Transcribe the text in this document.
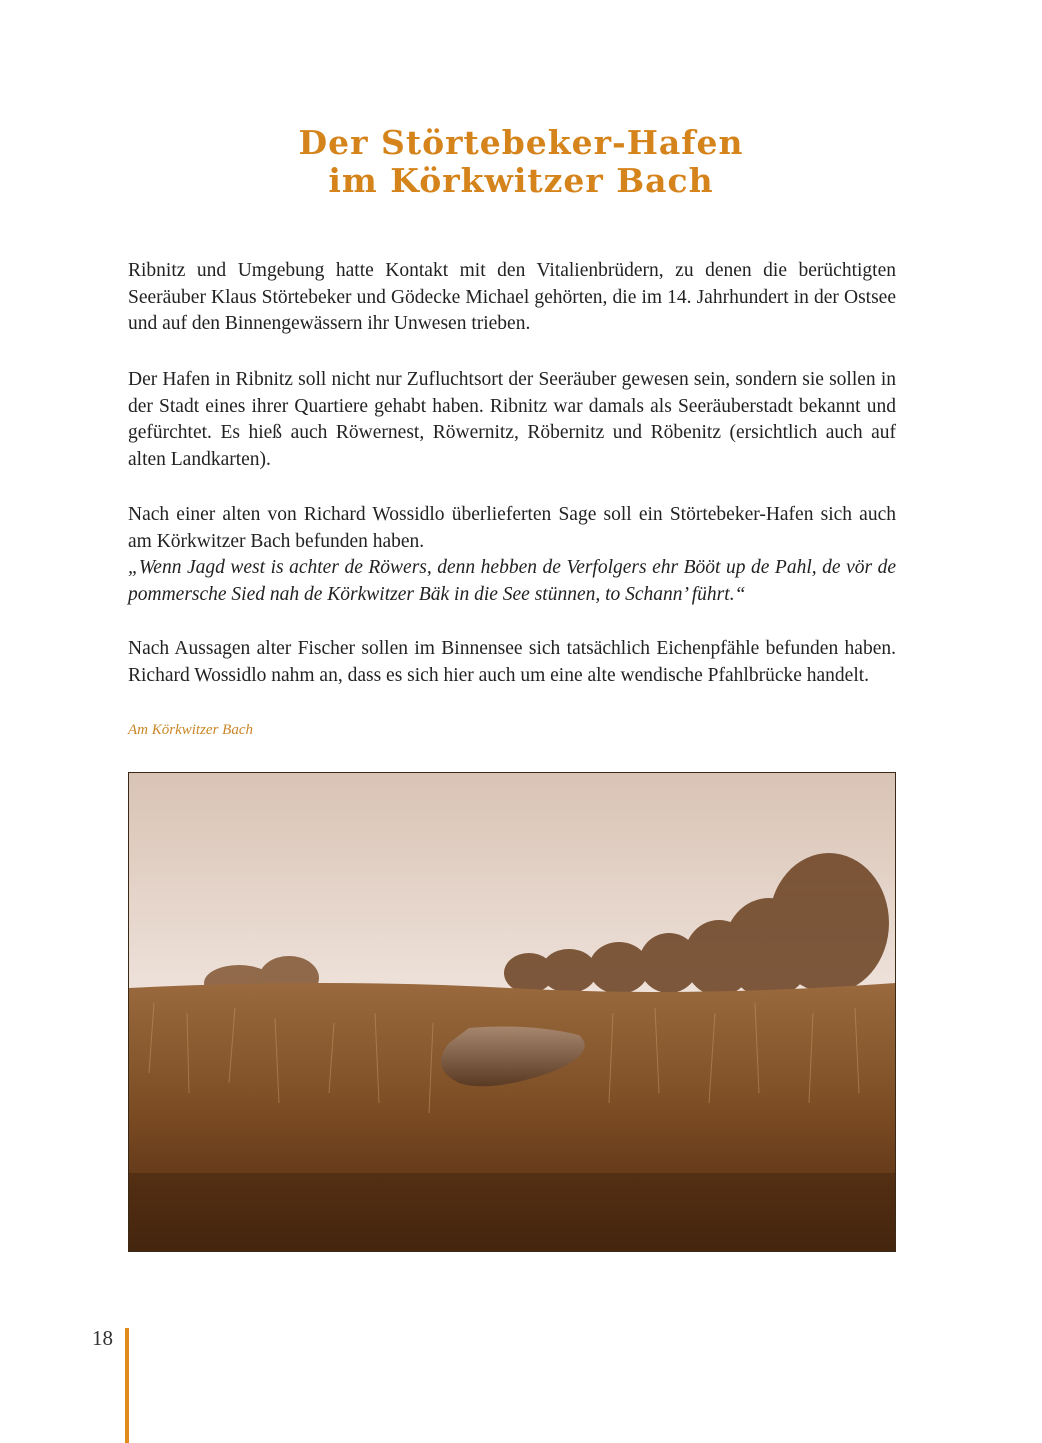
Der Störtebeker-Hafen
im Körkwitzer Bach

Ribnitz und Umgebung hatte Kontakt mit den Vitalienbrüdern, zu denen die berüchtigten Seeräuber Klaus Störtebeker und Gödecke Michael gehörten, die im 14. Jahrhundert in der Ostsee und auf den Binnengewässern ihr Unwesen trieben.

Der Hafen in Ribnitz soll nicht nur Zufluchtsort der Seeräuber gewesen sein, sondern sie sollen in der Stadt eines ihrer Quartiere gehabt haben. Ribnitz war damals als Seeräuberstadt bekannt und gefürchtet. Es hieß auch Röwernest, Röwernitz, Röbernitz und Röbenitz (ersichtlich auch auf alten Landkarten).

Nach einer alten von Richard Wossidlo überlieferten Sage soll ein Störtebeker-Hafen sich auch am Körkwitzer Bach befunden haben.
„Wenn Jagd west is achter de Röwers, denn hebben de Verfolgers ehr Bööt up de Pahl, de vör de pommersche Sied nah de Körkwitzer Bäk in die See stünnen, to Schann’ führt.“

Nach Aussagen alter Fischer sollen im Binnensee sich tatsächlich Eichenpfähle befunden haben. Richard Wossidlo nahm an, dass es sich hier auch um eine alte wendische Pfahlbrücke handelt.

Am Körkwitzer Bach
18
